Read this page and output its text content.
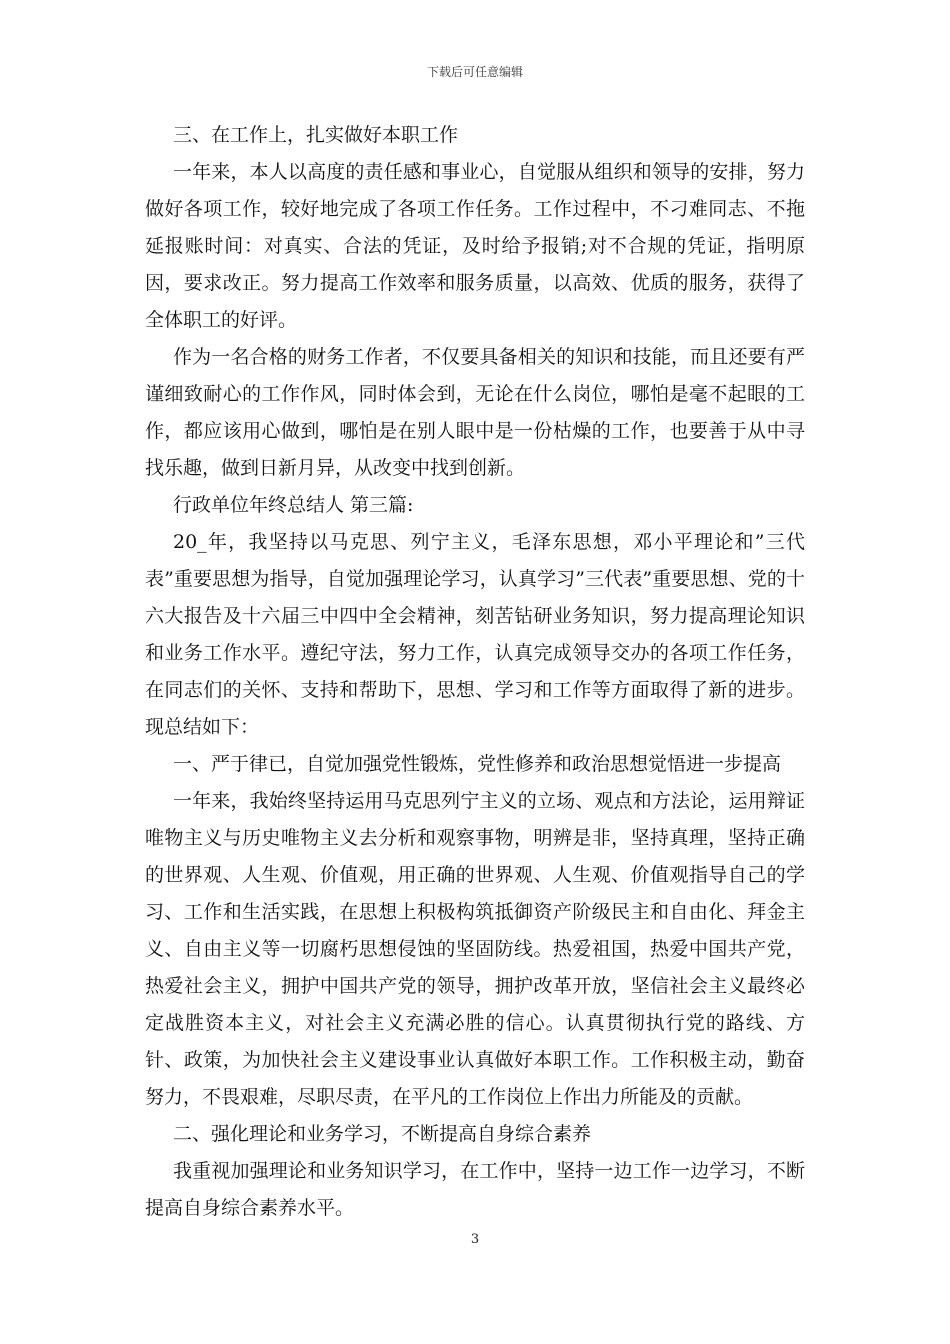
下载后可任意编辑

三、在工作上，扎实做好本职工作

一年来，本人以高度的责任感和事业心，自觉服从组织和领导的安排，努力做好各项工作，较好地完成了各项工作任务。工作过程中，不刁难同志、不拖延报账时间：对真实、合法的凭证，及时给予报销;对不合规的凭证，指明原因，要求改正。努力提高工作效率和服务质量，以高效、优质的服务，获得了全体职工的好评。

作为一名合格的财务工作者，不仅要具备相关的知识和技能，而且还要有严谨细致耐心的工作作风，同时体会到，无论在什么岗位，哪怕是毫不起眼的工作，都应该用心做到，哪怕是在别人眼中是一份枯燥的工作，也要善于从中寻找乐趣，做到日新月异，从改变中找到创新。

行政单位年终总结人 第三篇:

20_年，我坚持以马克思、列宁主义，毛泽东思想，邓小平理论和”三代表”重要思想为指导，自觉加强理论学习，认真学习”三代表”重要思想、党的十六大报告及十六届三中四中全会精神，刻苦钻研业务知识，努力提高理论知识和业务工作水平。遵纪守法，努力工作，认真完成领导交办的各项工作任务，在同志们的关怀、支持和帮助下，思想、学习和工作等方面取得了新的进步。现总结如下：

一、严于律已，自觉加强党性锻炼，党性修养和政治思想觉悟进一步提高

一年来，我始终坚持运用马克思列宁主义的立场、观点和方法论，运用辩证唯物主义与历史唯物主义去分析和观察事物，明辨是非，坚持真理，坚持正确的世界观、人生观、价值观，用正确的世界观、人生观、价值观指导自己的学习、工作和生活实践，在思想上积极构筑抵御资产阶级民主和自由化、拜金主义、自由主义等一切腐朽思想侵蚀的坚固防线。热爱祖国，热爱中国共产党，热爱社会主义，拥护中国共产党的领导，拥护改革开放，坚信社会主义最终必定战胜资本主义，对社会主义充满必胜的信心。认真贯彻执行党的路线、方针、政策，为加快社会主义建设事业认真做好本职工作。工作积极主动，勤奋努力，不畏艰难，尽职尽责，在平凡的工作岗位上作出力所能及的贡献。

二、强化理论和业务学习，不断提高自身综合素养

我重视加强理论和业务知识学习，在工作中，坚持一边工作一边学习，不断提高自身综合素养水平。

3
